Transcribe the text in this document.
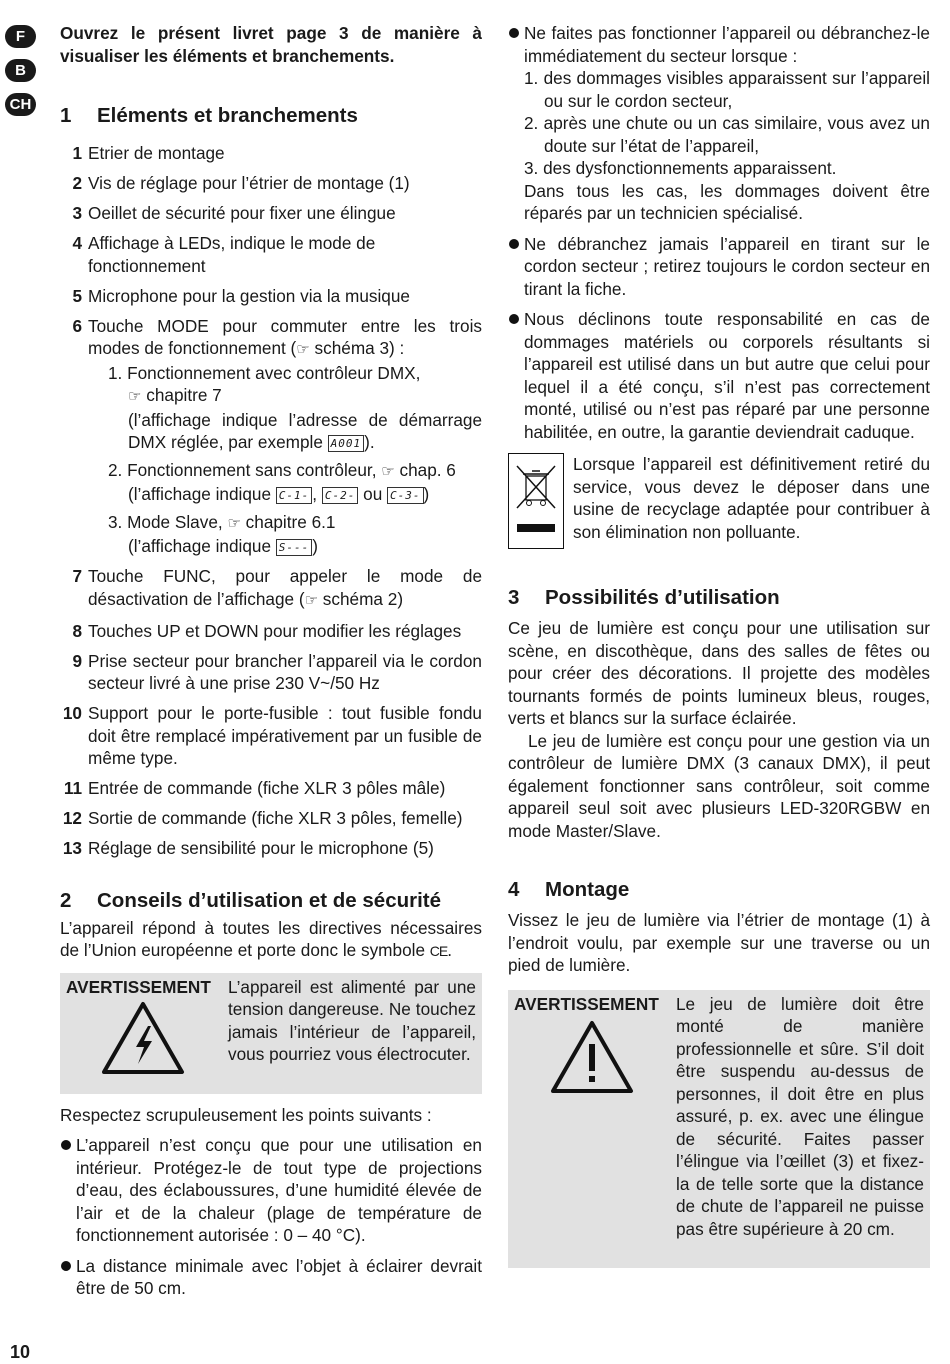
F
B
CH

Ouvrez le présent livret page 3 de manière à visualiser les éléments et branchements.

1 Eléments et branchements
1 Etrier de montage
2 Vis de réglage pour l’étrier de montage (1)
3 Oeillet de sécurité pour fixer une élingue
4 Affichage à LEDs, indique le mode de fonctionnement
5 Microphone pour la gestion via la musique
6 Touche MODE pour commuter entre les trois modes de fonctionnement (☞ schéma 3) :
1. Fonctionnement avec contrôleur DMX,
☞ chapitre 7
(l’affichage indique l’adresse de démarrage DMX réglée, par exemple A001 ).
2. Fonctionnement sans contrôleur, ☞ chap. 6
(l’affichage indique C-1- , C-2- ou C-3- )
3. Mode Slave, ☞ chapitre 6.1
(l’affichage indique S--- )
7 Touche FUNC, pour appeler le mode de désactivation de l’affichage (☞ schéma 2)
8 Touches UP et DOWN pour modifier les réglages
9 Prise secteur pour brancher l’appareil via le cordon secteur livré à une prise 230 V~/50 Hz
10 Support pour le porte-fusible : tout fusible fondu doit être remplacé impérativement par un fusible de même type.
11 Entrée de commande (fiche XLR 3 pôles mâle)
12 Sortie de commande (fiche XLR 3 pôles, femelle)
13 Réglage de sensibilité pour le microphone (5)
2 Conseils d’utilisation et de sécurité

L’appareil répond à toutes les directives nécessaires de l’Union européenne et porte donc le symbole CE.

AVERTISSEMENT L’appareil est alimenté par une tension dangereuse. Ne touchez jamais l’intérieur de l’appareil, vous pourriez vous électrocuter.

Respectez scrupuleusement les points suivants :

L’appareil n’est conçu que pour une utilisation en intérieur. Protégez-le de tout type de projections d’eau, des éclaboussures, d’une humidité élevée de l’air et de la chaleur (plage de température de fonctionnement autorisée : 0 – 40 °C).
La distance minimale avec l’objet à éclairer devrait être de 50 cm.
Ne faites pas fonctionner l’appareil ou débranchez-le immédiatement du secteur lorsque :
1. des dommages visibles apparaissent sur l’appareil ou sur le cordon secteur,
2. après une chute ou un cas similaire, vous avez un doute sur l’état de l’appareil,
3. des dysfonctionnements apparaissent.
Dans tous les cas, les dommages doivent être réparés par un technicien spécialisé.
Ne débranchez jamais l’appareil en tirant sur le cordon secteur ; retirez toujours le cordon secteur en tirant la fiche.
Nous déclinons toute responsabilité en cas de dommages matériels ou corporels résultants si l’appareil est utilisé dans un but autre que celui pour lequel il a été conçu, s’il n’est pas correctement monté, utilisé ou n’est pas réparé par une personne habilitée, en outre, la garantie deviendrait caduque.

Lorsque l’appareil est définitivement retiré du service, vous devez le déposer dans une usine de recyclage adaptée pour contribuer à son élimination non polluante.

3 Possibilités d’utilisation

Ce jeu de lumière est conçu pour une utilisation sur scène, en discothèque, dans des salles de fêtes ou pour créer des décorations. Il projette des modèles tournants formés de points lumineux bleus, rouges, verts et blancs sur la surface éclairée.

Le jeu de lumière est conçu pour une gestion via un contrôleur de lumière DMX (3 canaux DMX), il peut également fonctionner sans contrôleur, soit comme appareil seul soit avec plusieurs LED-320RGBW en mode Master/Slave.

4 Montage

Vissez le jeu de lumière via l’étrier de montage (1) à l’endroit voulu, par exemple sur une traverse ou un pied de lumière.

AVERTISSEMENT Le jeu de lumière doit être monté de manière professionnelle et sûre. S’il doit être suspendu au-dessus de personnes, il doit être en plus assuré, p. ex. avec une élingue de sécurité. Faites passer l’élingue via l’œillet (3) et fixez-la de telle sorte que la distance de chute de l’appareil ne puisse pas être supérieure à 20 cm.

10
